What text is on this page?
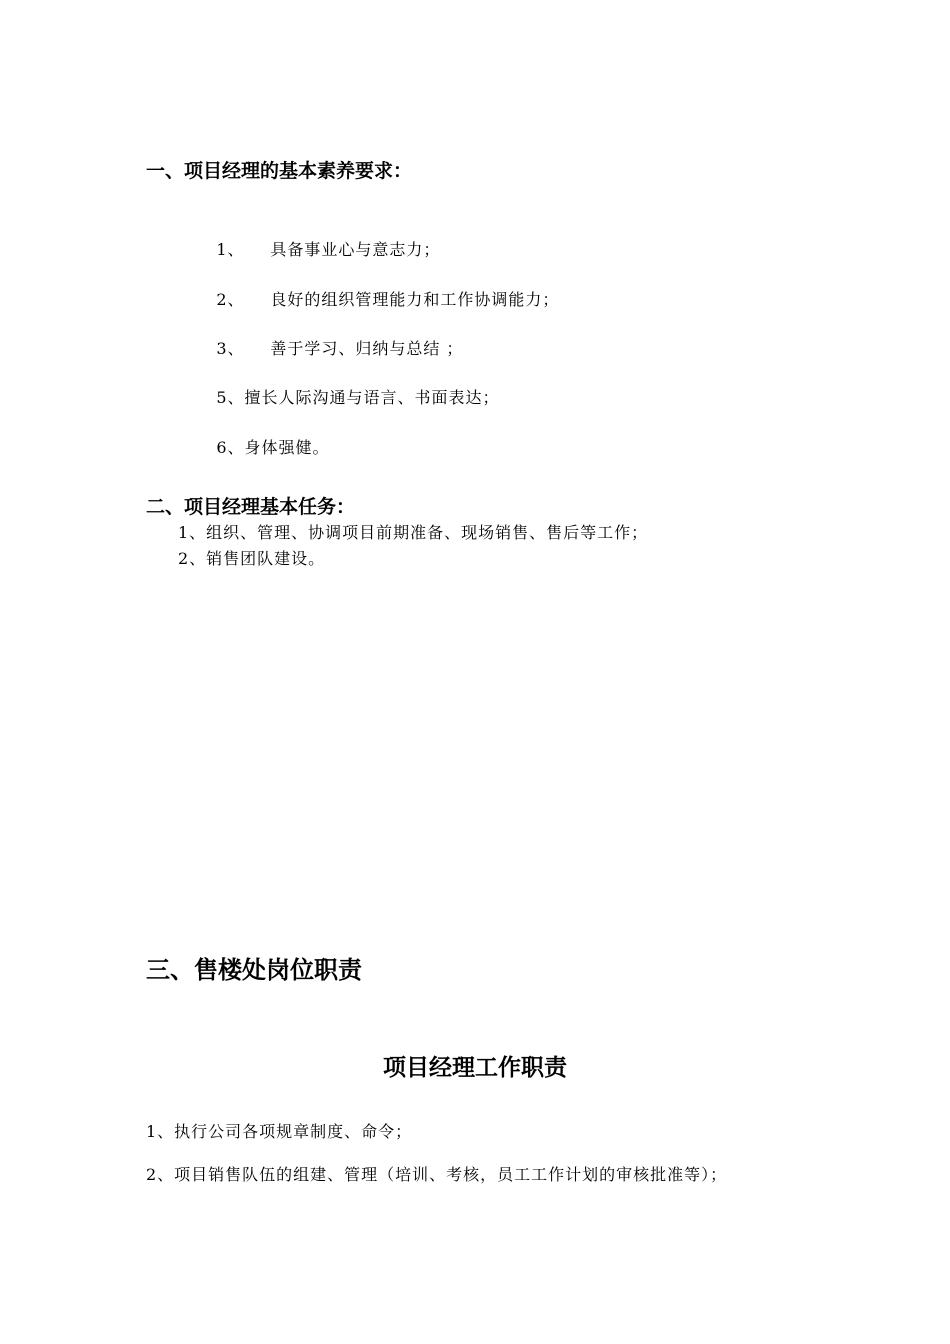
一、项目经理的基本素养要求：

1、 具备事业心与意志力；

2、 良好的组织管理能力和工作协调能力；

3、 善于学习、归纳与总结 ；

5、擅长人际沟通与语言、书面表达；

6、身体强健。

二、项目经理基本任务：
1、组织、管理、协调项目前期准备、现场销售、售后等工作；
2、销售团队建设。
三、售楼处岗位职责
项目经理工作职责
1、执行公司各项规章制度、命令；
2、项目销售队伍的组建、管理（培训、考核，员工工作计划的审核批准等）；
